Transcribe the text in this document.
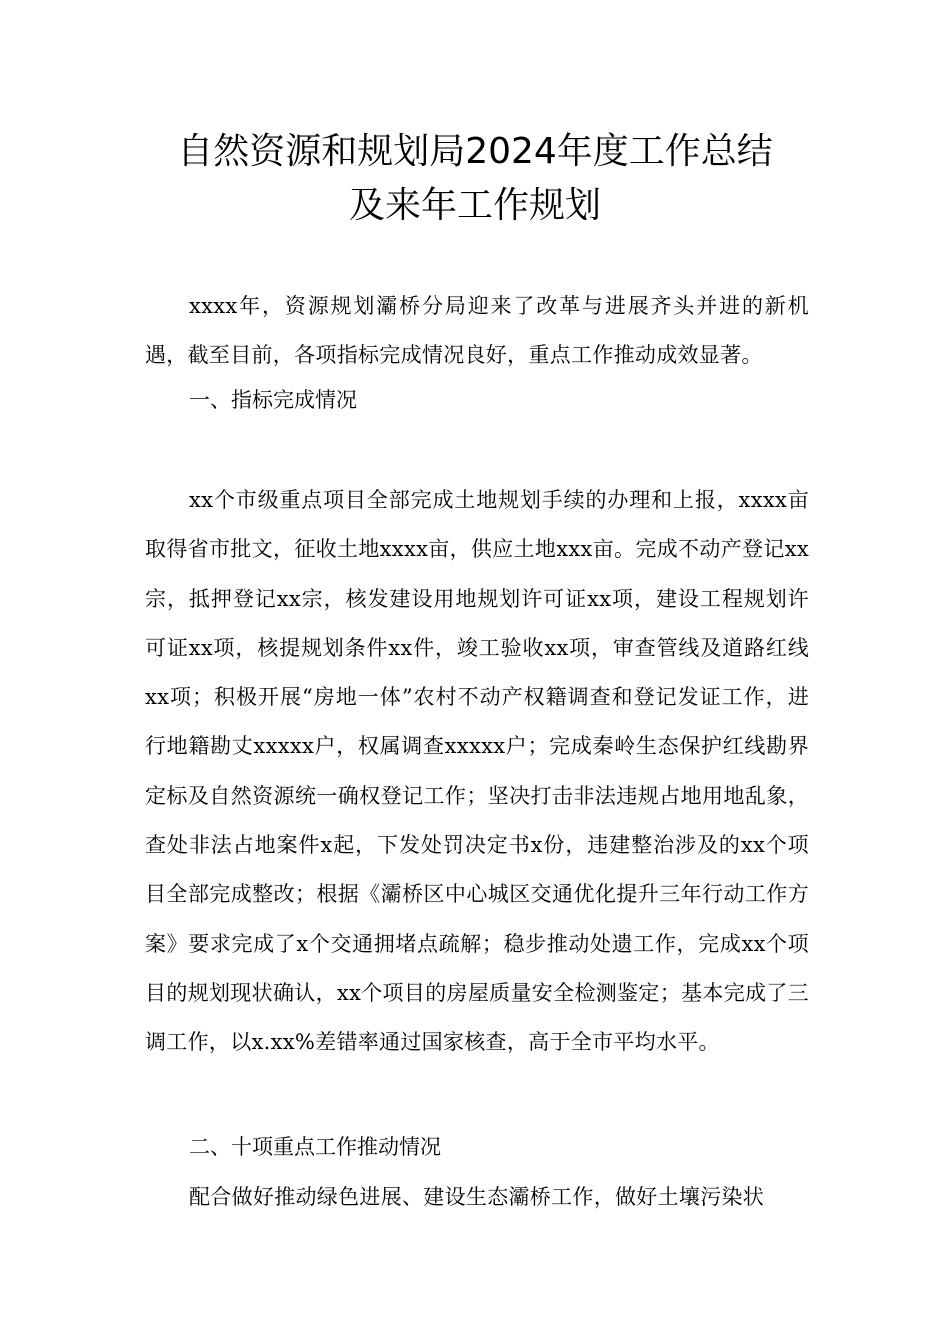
自然资源和规划局2024年度工作总结
及来年工作规划

xxxx年，资源规划灞桥分局迎来了改革与进展齐头并进的新机遇，截至目前，各项指标完成情况良好，重点工作推动成效显著。

一、指标完成情况

xx个市级重点项目全部完成土地规划手续的办理和上报，xxxx亩取得省市批文，征收土地xxxx亩，供应土地xxx亩。完成不动产登记xx宗，抵押登记xx宗，核发建设用地规划许可证xx项，建设工程规划许可证xx项，核提规划条件xx件，竣工验收xx项，审查管线及道路红线xx项；积极开展“房地一体”农村不动产权籍调查和登记发证工作，进行地籍勘丈xxxxx户，权属调查xxxxx户；完成秦岭生态保护红线勘界定标及自然资源统一确权登记工作；坚决打击非法违规占地用地乱象，查处非法占地案件x起，下发处罚决定书x份，违建整治涉及的xx个项目全部完成整改；根据《灞桥区中心城区交通优化提升三年行动工作方案》要求完成了x个交通拥堵点疏解；稳步推动处遗工作，完成xx个项目的规划现状确认，xx个项目的房屋质量安全检测鉴定；基本完成了三调工作，以x.xx%差错率通过国家核查，高于全市平均水平。

二、十项重点工作推动情况

配合做好推动绿色进展、建设生态灞桥工作，做好土壤污染状
